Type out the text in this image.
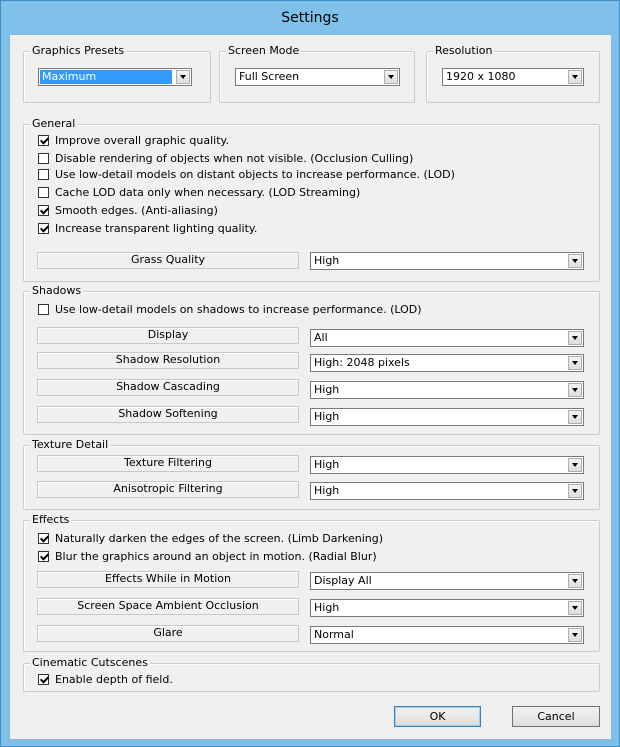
Settings
Graphics Presets
Maximum
Screen Mode
Full Screen
Resolution
1920 x 1080
General
Improve overall graphic quality.
Disable rendering of objects when not visible. (Occlusion Culling)
Use low-detail models on distant objects to increase performance. (LOD)
Cache LOD data only when necessary. (LOD Streaming)
Smooth edges. (Anti-aliasing)
Increase transparent lighting quality.
Grass Quality	High
Shadows
Use low-detail models on shadows to increase performance. (LOD)
Display	All
Shadow Resolution	High: 2048 pixels
Shadow Cascading	High
Shadow Softening	High
Texture Detail
Texture Filtering	High
Anisotropic Filtering	High
Effects
Naturally darken the edges of the screen. (Limb Darkening)
Blur the graphics around an object in motion. (Radial Blur)
Effects While in Motion	Display All
Screen Space Ambient Occlusion	High
Glare	Normal
Cinematic Cutscenes
Enable depth of field.
OK	Cancel
